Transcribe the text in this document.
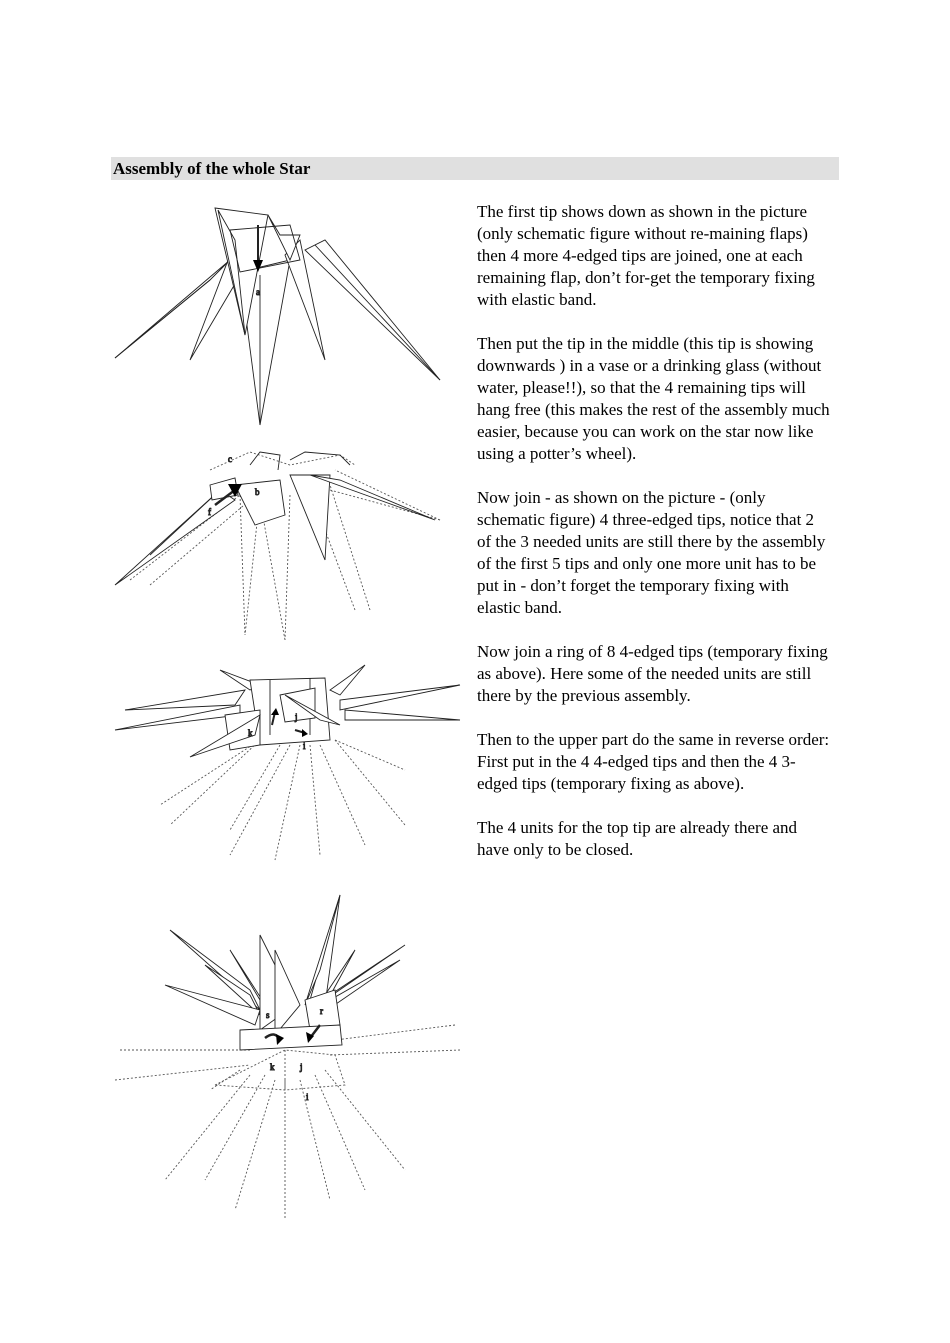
Assembly of the whole Star
a
b
c
f
j
k
i
s	r
k	j
i

The first tip shows down as shown in the picture (only schematic figure without re-maining flaps) then 4 more 4-edged tips are joined, one at each remaining flap, don’t for-get the temporary fixing with elastic band.

Then put the tip in the middle (this tip is showing downwards ) in a vase or a drinking glass (without water, please!!), so that the 4 remaining tips will hang free (this makes the rest of the assembly much easier, because you can work on the star now like using a potter’s wheel).

Now join - as shown on the picture - (only schematic figure) 4 three-edged tips, notice that 2 of the 3 needed units are still there by the assembly of the first 5 tips and only one more unit has to be put in - don’t forget the temporary fixing with elastic band.

Now join a ring of 8 4-edged tips (temporary fixing as above). Here some of the needed units are still there by the previous assembly.

Then to the upper part do the same in reverse order: First put in the 4 4-edged tips and then the 4 3-edged tips (temporary fixing as above).

The 4 units for the top tip are already there and have only to be closed.
